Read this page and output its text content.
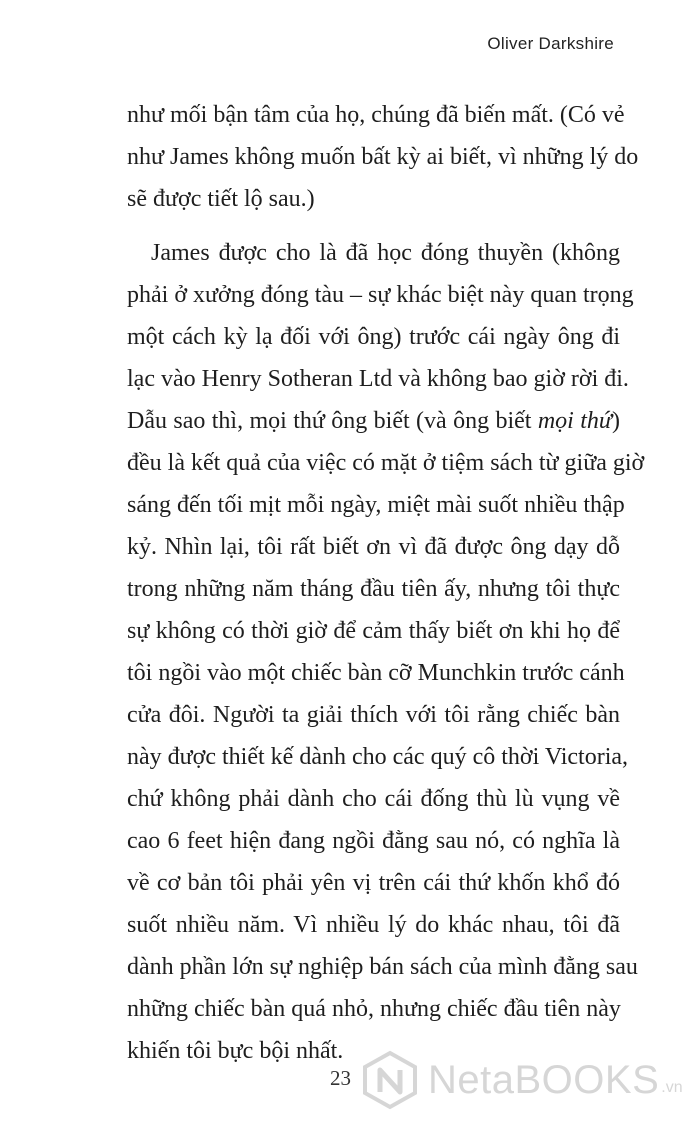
Oliver Darkshire

như mối bận tâm của họ, chúng đã biến mất. (Có vẻ
như James không muốn bất kỳ ai biết, vì những lý do
sẽ được tiết lộ sau.)

James được cho là đã học đóng thuyền (không
phải ở xưởng đóng tàu – sự khác biệt này quan trọng
một cách kỳ lạ đối với ông) trước cái ngày ông đi
lạc vào Henry Sotheran Ltd và không bao giờ rời đi.
Dẫu sao thì, mọi thứ ông biết (và ông biết mọi thứ)
đều là kết quả của việc có mặt ở tiệm sách từ giữa giờ
sáng đến tối mịt mỗi ngày, miệt mài suốt nhiều thập
kỷ. Nhìn lại, tôi rất biết ơn vì đã được ông dạy dỗ
trong những năm tháng đầu tiên ấy, nhưng tôi thực
sự không có thời giờ để cảm thấy biết ơn khi họ để
tôi ngồi vào một chiếc bàn cỡ Munchkin trước cánh
cửa đôi. Người ta giải thích với tôi rằng chiếc bàn
này được thiết kế dành cho các quý cô thời Victoria,
chứ không phải dành cho cái đống thù lù vụng về
cao 6 feet hiện đang ngồi đằng sau nó, có nghĩa là
về cơ bản tôi phải yên vị trên cái thứ khốn khổ đó
suốt nhiều năm. Vì nhiều lý do khác nhau, tôi đã
dành phần lớn sự nghiệp bán sách của mình đằng sau
những chiếc bàn quá nhỏ, nhưng chiếc đầu tiên này
khiến tôi bực bội nhất.

23 NetaBOOKS .vn
